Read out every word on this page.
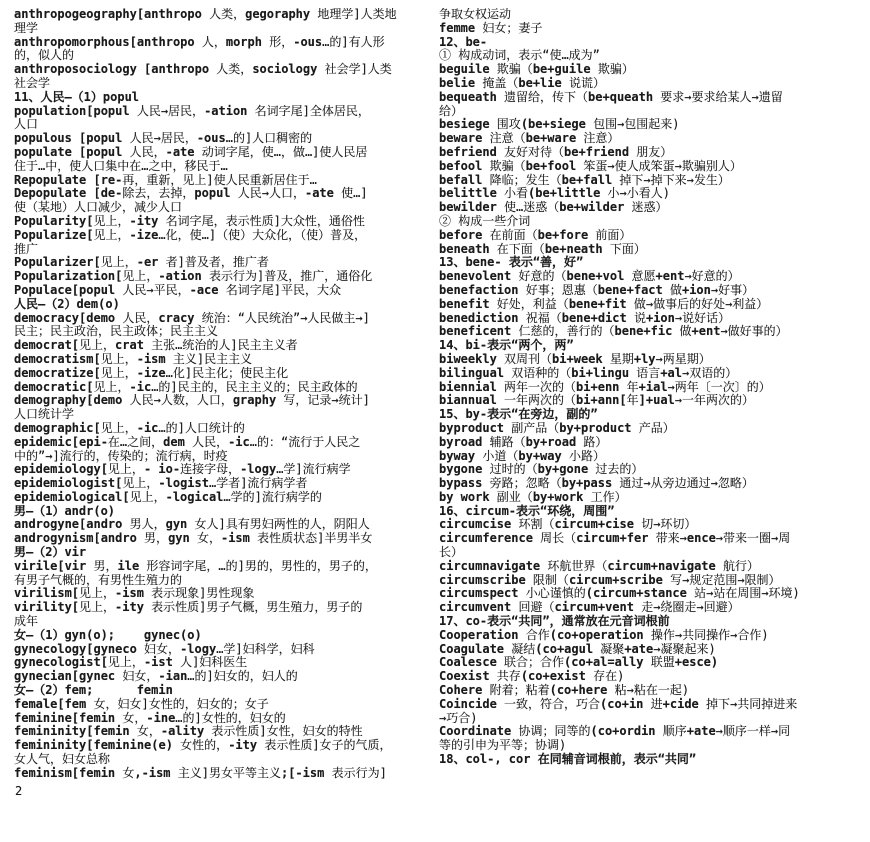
anthropogeography[anthropo 人类，gegoraphy 地理学]人类地
理学
anthropomorphous[anthropo 人，morph 形，-ous…的]有人形
的，似人的
anthroposociology [anthropo 人类，sociology 社会学]人类
社会学
11、人民—（1）popul
population[popul 人民→居民，-ation 名词字尾]全体居民，
人口
populous [popul 人民→居民，-ous…的]人口稠密的
populate [popul 人民，-ate 动词字尾，使…，做…]使人民居
住于…中，使人口集中在…之中，移民于…
Repopulate [re-再，重新，见上]使人民重新居住于…
Depopulate [de-除去，去掉，popul 人民→人口，-ate 使…]
使（某地）人口减少，减少人口
Popularity[见上，-ity 名词字尾，表示性质]大众性，通俗性
Popularize[见上，-ize…化，使…]（使）大众化，（使）普及，
推广
Popularizer[见上，-er 者]普及者，推广者
Popularization[见上，-ation 表示行为]普及，推广，通俗化
Populace[popul 人民→平民，-ace 名词字尾]平民，大众
人民—（2）dem(o)
democracy[demo 人民，cracy 统治：“人民统治”→人民做主→]
民主；民主政治，民主政体；民主主义
democrat[见上，crat 主张…统治的人]民主主义者
democratism[见上，-ism 主义]民主主义
democratize[见上，-ize…化]民主化；使民主化
democratic[见上，-ic…的]民主的，民主主义的；民主政体的
demography[demo 人民→人数，人口，graphy 写，记录→统计]
人口统计学
demographic[见上，-ic…的]人口统计的
epidemic[epi-在…之间，dem 人民，-ic…的：“流行于人民之
中的”→]流行的，传染的；流行病，时疫
epidemiology[见上，- io-连接字母，-logy…学]流行病学
epidemiologist[见上，-logist…学者]流行病学者
epidemiological[见上，-logical…学的]流行病学的
男—（1）andr(o)
androgyne[andro 男人，gyn 女人]具有男妇两性的人，阴阳人
androgynism[andro 男，gyn 女，-ism 表性质状态]半男半女
男—（2）vir
virile[vir 男，ile 形容词字尾，…的]男的，男性的，男子的，
有男子气概的，有男性生殖力的
virilism[见上，-ism 表示现象]男性现象
virility[见上，-ity 表示性质]男子气概，男生殖力，男子的
成年
女—（1）gyn(o);    gynec(o)
gynecology[gyneco 妇女，-logy…学]妇科学，妇科
gynecologist[见上，-ist 人]妇科医生
gynecian[gynec 妇女，-ian…的]妇女的，妇人的
女—（2）fem;      femin
female[fem 女，妇女]女性的，妇女的；女子
feminine[femin 女，-ine…的]女性的，妇女的
femininity[femin 女，-ality 表示性质]女性，妇女的特性
femininity[feminine(e) 女性的，-ity 表示性质]女子的气质，
女人气，妇女总称
feminism[femin 女,-ism 主义]男女平等主义;[-ism 表示行为]
争取女权运动
femme 妇女；妻子
12、be-
① 构成动词，表示“使…成为”
beguile 欺骗（be+guile 欺骗）
belie 掩盖（be+lie 说谎）
bequeath 遗留给，传下（be+queath 要求→要求给某人→遗留
给）
besiege 围攻(be+siege 包围→包围起来)
beware 注意（be+ware 注意）
befriend 友好对待（be+friend 朋友）
befool 欺骗（be+fool 笨蛋→使人成笨蛋→欺骗别人）
befall 降临；发生（be+fall 掉下→掉下来→发生）
belittle 小看(be+little 小→小看人)
bewilder 使…迷惑（be+wilder 迷惑）
② 构成一些介词
before 在前面（be+fore 前面）
beneath 在下面（be+neath 下面）
13、bene- 表示“善，好”
benevolent 好意的（bene+vol 意愿+ent→好意的）
benefaction 好事；恩惠（bene+fact 做+ion→好事）
benefit 好处，利益（bene+fit 做→做事后的好处→利益）
benediction 祝福（bene+dict 说+ion→说好话）
beneficent 仁慈的，善行的（bene+fic 做+ent→做好事的）
14、bi-表示“两个，两”
biweekly 双周刊（bi+week 星期+ly→两星期）
bilingual 双语种的（bi+lingu 语言+al→双语的）
biennial 两年一次的（bi+enn 年+ial→两年〔一次〕的）
biannual 一年两次的（bi+ann[年]+ual→一年两次的）
15、by-表示“在旁边，副的”
byproduct 副产品（by+product 产品）
byroad 辅路（by+road 路）
byway 小道（by+way 小路）
bygone 过时的（by+gone 过去的）
bypass 旁路；忽略（by+pass 通过→从旁边通过→忽略）
by work 副业（by+work 工作）
16、circum-表示“环绕，周围”
circumcise 环割（circum+cise 切→环切）
circumference 周长（circum+fer 带来→ence→带来一圈→周
长）
circumnavigate 环航世界（circum+navigate 航行）
circumscribe 限制（circum+scribe 写→规定范围→限制）
circumspect 小心谨慎的(circum+stance 站→站在周围→环境)
circumvent 回避（circum+vent 走→绕圈走→回避）
17、co-表示“共同”，通常放在元音词根前
Cooperation 合作(co+operation 操作→共同操作→合作)
Coagulate 凝结(co+agul 凝聚+ate→凝聚起来)
Coalesce 联合；合作(co+al=ally 联盟+esce)
Coexist 共存(co+exist 存在)
Cohere 附着；粘着(co+here 粘→粘在一起)
Coincide 一致，符合，巧合(co+in 进+cide 掉下→共同掉进来
→巧合)
Coordinate 协调；同等的(co+ordin 顺序+ate→顺序一样→同
等的引申为平等；协调)
18、col-, cor 在同辅音词根前，表示“共同”
2
